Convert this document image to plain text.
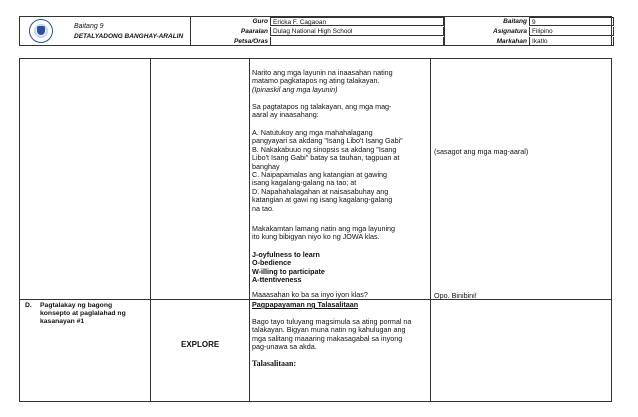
Baitang 9
DETALYADONG BANGHAY-ARALIN
Guro Ericka F. Cagaoan
Paaralan Dulag National High School
Petsa/Oras
Baitang 9
Asignatura Filipino
Markahan Ikatlo
Narito ang mga layunin na inaasahan nating
matamo pagkatapos ng ating talakayan.
(Ipinaskil ang mga layunin)
Sa pagtatapos ng talakayan, ang mga mag-
aaral ay inaasahang:
A. Natutukoy ang mga mahahalagang
pangyayari sa akdang "Isang Libo't Isang Gabi"
B. Nakakabuuo ng sinopsis sa akdang "Isang
Libo't Isang Gabi" batay sa tauhan, tagpuan at
banghay
C. Naipapamalas ang katangian at gawing
isang kagalang-galang na tao; at
D. Napahahalagahan at naisasabuhay ang
katangian at gawi ng isang kagalang-galang
na tao.
Makakamtan lamang natin ang mga layuning
ito kung bibigyan niyo ko ng JOWA klas.
J-oyfulness to learn
O-bedience
W-illing to participate
A-ttentiveness
Maaasahan ko ba sa inyo iyon klas?
(sasagot ang mga mag-aaral)
Opo. Binibini!
D. Pagtalakay ng bagong konsepto at paglalahad ng kasanayan #1
EXPLORE
Pagpapayaman ng Talasalitaan
Bago tayo tuluyang magsimula sa ating pormal na
talakayan. Bigyan muna natin ng kahulugan ang
mga salitang maaaring makasagabal sa inyong
pag-unawa sa akda.
Talasalitaan:
